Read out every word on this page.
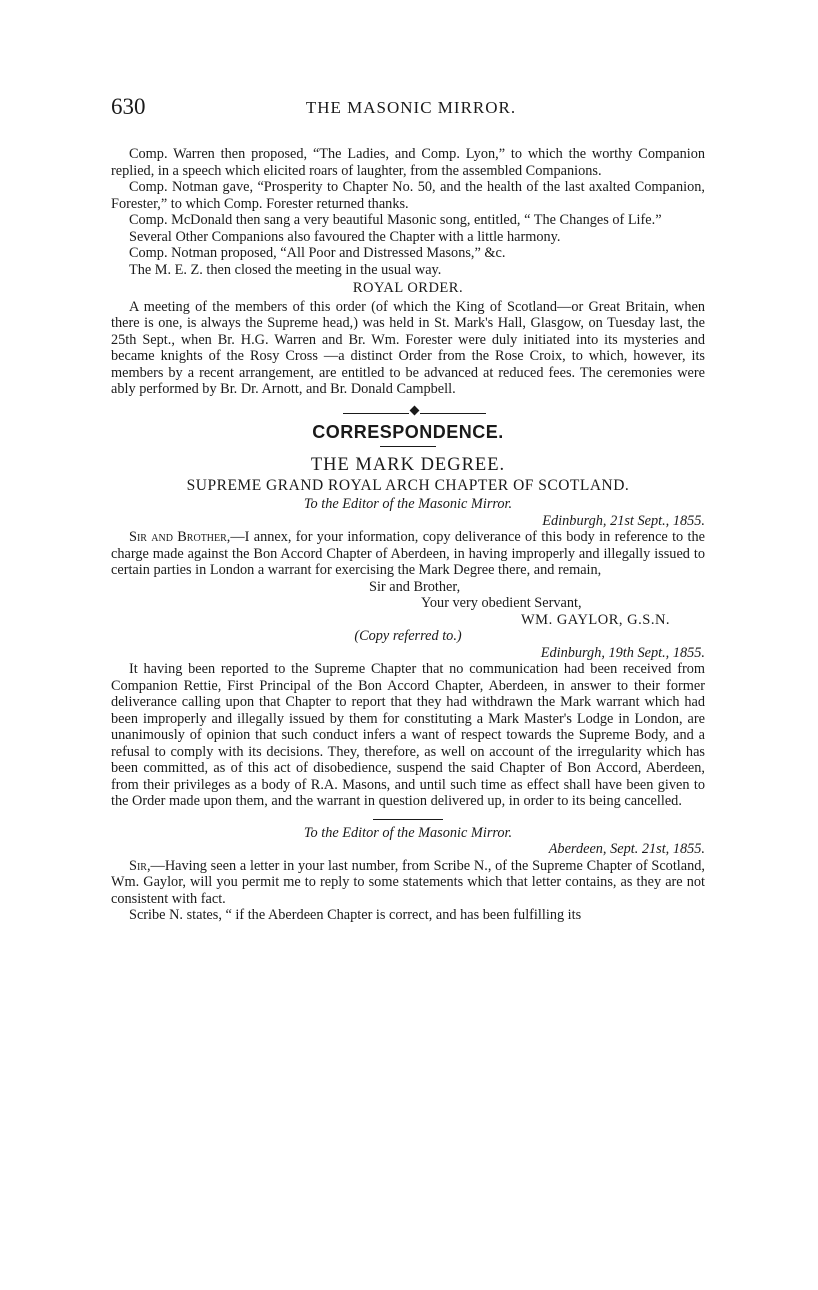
630	THE MASONIC MIRROR.

Comp. Warren then proposed, “The Ladies, and Comp. Lyon,” to which the worthy Companion replied, in a speech which elicited roars of laughter, from the assembled Companions.

Comp. Notman gave, “Prosperity to Chapter No. 50, and the health of the last axalted Companion, Forester,” to which Comp. Forester returned thanks.

Comp. McDonald then sang a very beautiful Masonic song, entitled, “ The Changes of Life.”

Several Other Companions also favoured the Chapter with a little harmony.

Comp. Notman proposed, “All Poor and Distressed Masons,” &c.

The M. E. Z. then closed the meeting in the usual way.

ROYAL ORDER.

A meeting of the members of this order (of which the King of Scotland—or Great Britain, when there is one, is always the Supreme head,) was held in St. Mark's Hall, Glasgow, on Tuesday last, the 25th Sept., when Br. H.G. Warren and Br. Wm. Forester were duly initiated into its mysteries and became knights of the Rosy Cross —a distinct Order from the Rose Croix, to which, however, its members by a recent arrangement, are entitled to be advanced at reduced fees. The ceremonies were ably performed by Br. Dr. Arnott, and Br. Donald Campbell.

CORRESPONDENCE.
THE MARK DEGREE.
SUPREME GRAND ROYAL ARCH CHAPTER OF SCOTLAND.
To the Editor of the Masonic Mirror.
Edinburgh, 21st Sept., 1855.

Sir and Brother,—I annex, for your information, copy deliverance of this body in reference to the charge made against the Bon Accord Chapter of Aberdeen, in having improperly and illegally issued to certain parties in London a warrant for exercising the Mark Degree there, and remain,

Sir and Brother,
Your very obedient Servant,
WM. GAYLOR, G.S.N.
(Copy referred to.)
Edinburgh, 19th Sept., 1855.

It having been reported to the Supreme Chapter that no communication had been received from Companion Rettie, First Principal of the Bon Accord Chapter, Aberdeen, in answer to their former deliverance calling upon that Chapter to report that they had withdrawn the Mark warrant which had been improperly and illegally issued by them for constituting a Mark Master's Lodge in London, are unanimously of opinion that such conduct infers a want of respect towards the Supreme Body, and a refusal to comply with its decisions. They, therefore, as well on account of the irregularity which has been committed, as of this act of disobedience, suspend the said Chapter of Bon Accord, Aberdeen, from their privileges as a body of R.A. Masons, and until such time as effect shall have been given to the Order made upon them, and the warrant in question delivered up, in order to its being cancelled.

To the Editor of the Masonic Mirror.
Aberdeen, Sept. 21st, 1855.

Sir,—Having seen a letter in your last number, from Scribe N., of the Supreme Chapter of Scotland, Wm. Gaylor, will you permit me to reply to some statements which that letter contains, as they are not consistent with fact.

Scribe N. states, “ if the Aberdeen Chapter is correct, and has been fulfilling its
